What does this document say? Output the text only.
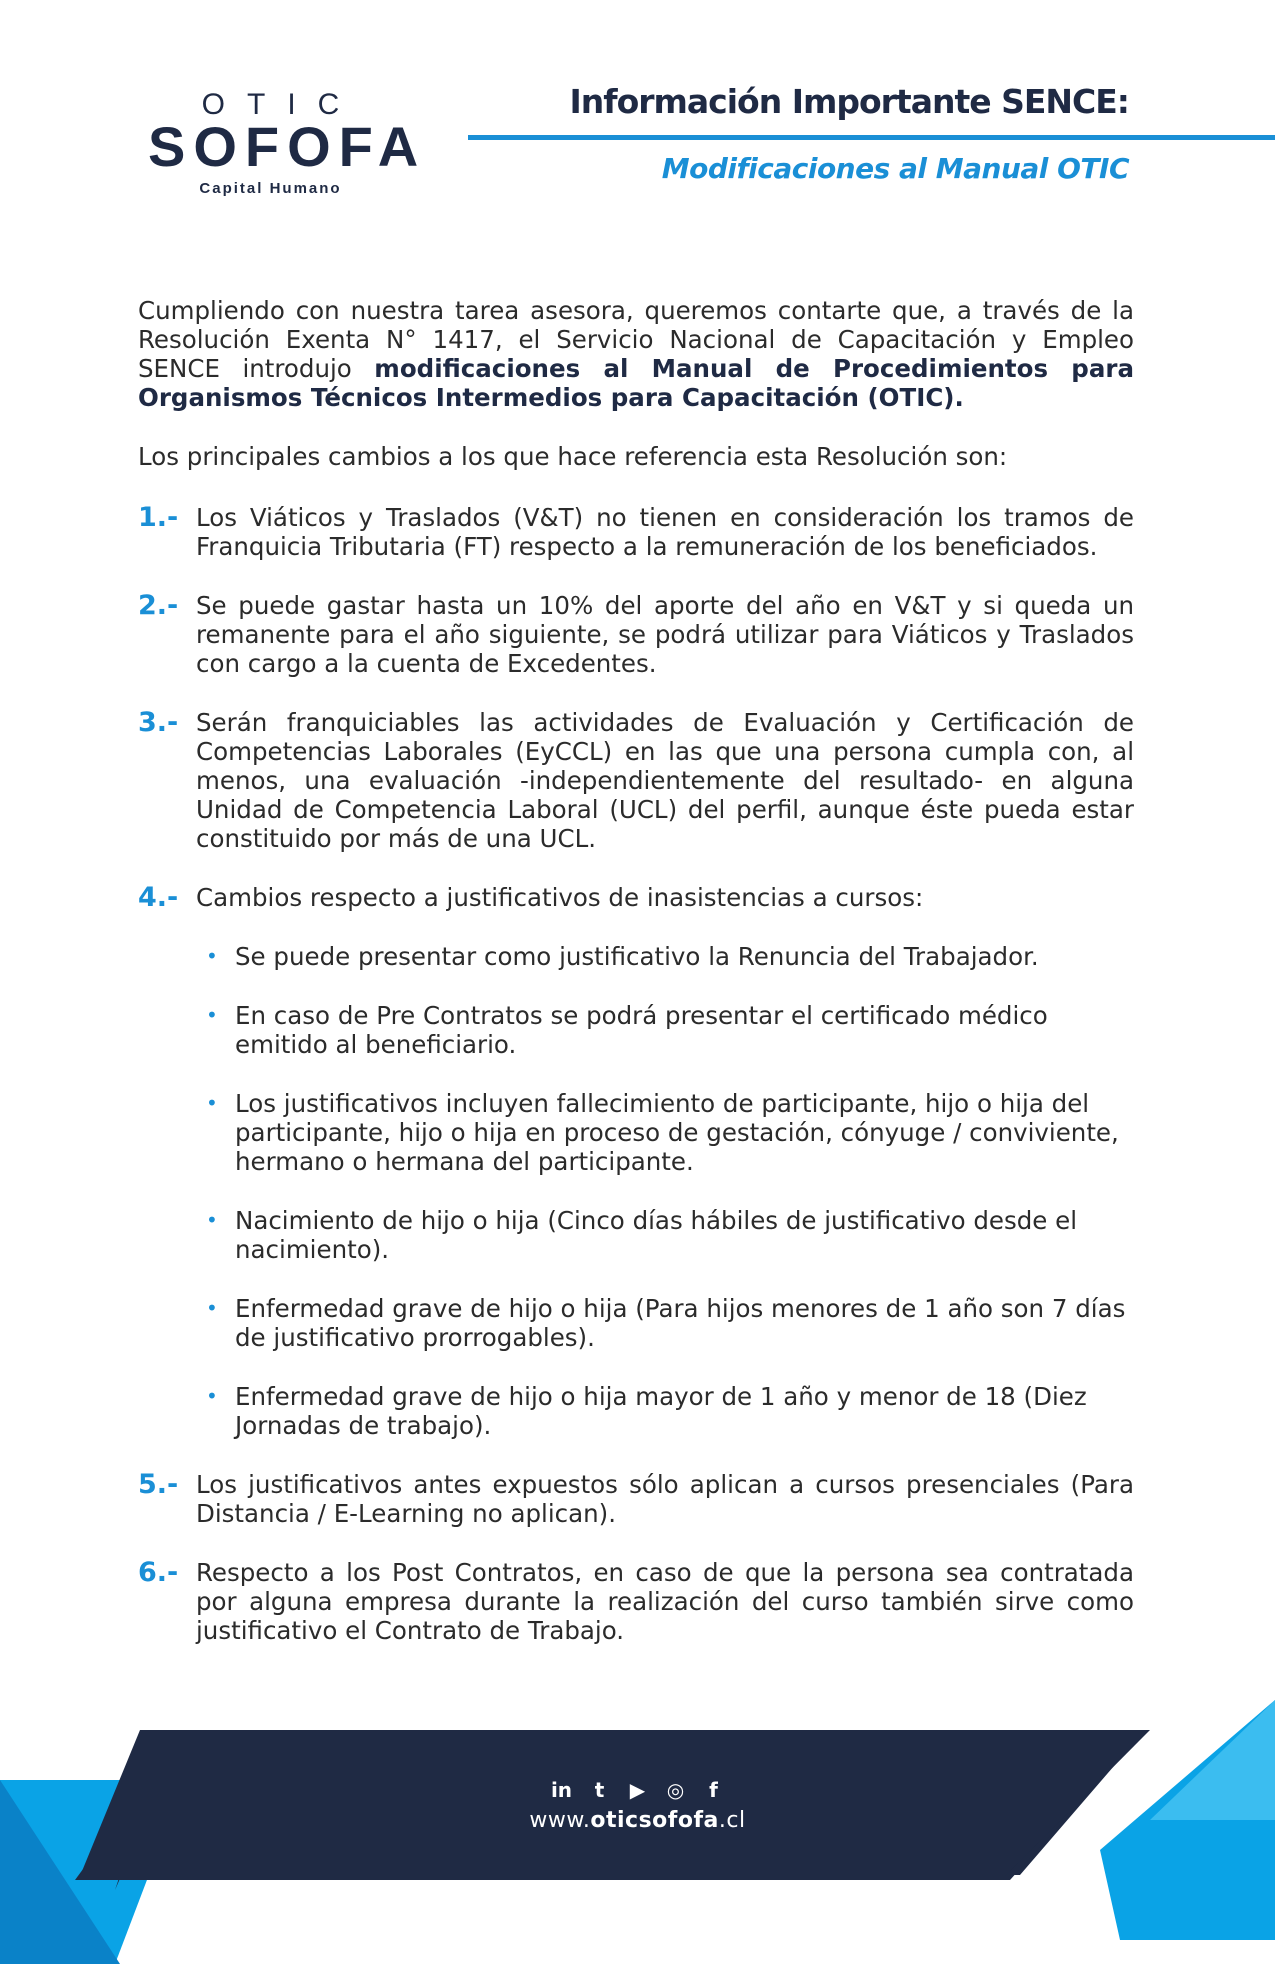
OTIC
SOFOFA
Capital Humano
Información Importante SENCE:
Modificaciones al Manual OTIC

Cumpliendo con nuestra tarea asesora, queremos contarte que, a través de la Resolución Exenta N° 1417, el Servicio Nacional de Capacitación y Empleo SENCE introdujo modificaciones al Manual de Procedimientos para Organismos Técnicos Intermedios para Capacitación (OTIC).

Los principales cambios a los que hace referencia esta Resolución son:

1.- Los Viáticos y Traslados (V&T) no tienen en consideración los tramos de Franquicia Tributaria (FT) respecto a la remuneración de los beneficiados.
2.- Se puede gastar hasta un 10% del aporte del año en V&T y si queda un remanente para el año siguiente, se podrá utilizar para Viáticos y Traslados con cargo a la cuenta de Excedentes.
3.- Serán franquiciables las actividades de Evaluación y Certificación de Competencias Laborales (EyCCL) en las que una persona cumpla con, al menos, una evaluación -independientemente del resultado- en alguna Unidad de Competencia Laboral (UCL) del perfil, aunque éste pueda estar constituido por más de una UCL.
4.- Cambios respecto a justificativos de inasistencias a cursos:
• Se puede presentar como justificativo la Renuncia del Trabajador.
• En caso de Pre Contratos se podrá presentar el certificado médico emitido al beneficiario.
• Los justificativos incluyen fallecimiento de participante, hijo o hija del participante, hijo o hija en proceso de gestación, cónyuge / conviviente, hermano o hermana del participante.
• Nacimiento de hijo o hija (Cinco días hábiles de justificativo desde el nacimiento).
• Enfermedad grave de hijo o hija (Para hijos menores de 1 año son 7 días de justificativo prorrogables).
• Enfermedad grave de hijo o hija mayor de 1 año y menor de 18 (Diez Jornadas de trabajo).
5.- Los justificativos antes expuestos sólo aplican a cursos presenciales (Para Distancia / E-Learning no aplican).
6.- Respecto a los Post Contratos, en caso de que la persona sea contratada por alguna empresa durante la realización del curso también sirve como justificativo el Contrato de Trabajo.
in t ▶ ◎ f
www.oticsofofa.cl
